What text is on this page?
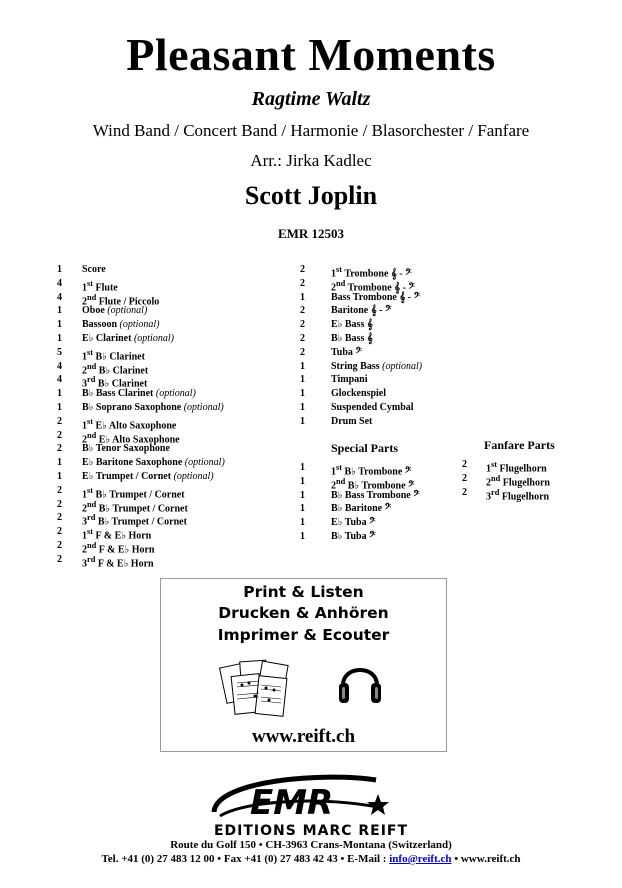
Pleasant Moments
Ragtime Waltz
Wind Band / Concert Band / Harmonie / Blasorchester / Fanfare
Arr.: Jirka Kadlec
Scott Joplin
EMR 12503
1 Score
4 1st Flute
4 2nd Flute / Piccolo
1 Oboe (optional)
1 Bassoon (optional)
1 E♭ Clarinet (optional)
5 1st B♭ Clarinet
4 2nd B♭ Clarinet
4 3rd B♭ Clarinet
1 B♭ Bass Clarinet (optional)
1 B♭ Soprano Saxophone (optional)
2 1st E♭ Alto Saxophone
2 2nd E♭ Alto Saxophone
2 B♭ Tenor Saxophone
1 E♭ Baritone Saxophone (optional)
1 E♭ Trumpet / Cornet (optional)
2 1st B♭ Trumpet / Cornet
2 2nd B♭ Trumpet / Cornet
2 3rd B♭ Trumpet / Cornet
2 1st F & E♭ Horn
2 2nd F & E♭ Horn
2 3rd F & E♭ Horn
2	1st Trombone 𝄞 - 𝄢
2	2nd Trombone 𝄞 - 𝄢
1	Bass Trombone 𝄞 - 𝄢
2	Baritone 𝄞 - 𝄢
2	E♭ Bass 𝄞
2	B♭ Bass 𝄞
2	Tuba 𝄢
1	String Bass (optional)
1	Timpani
1	Glockenspiel
1	Suspended Cymbal
1	Drum Set
Special Parts
1	1st B♭ Trombone 𝄢
1	2nd B♭ Trombone 𝄢
1	B♭ Bass Trombone 𝄢
1	B♭ Baritone 𝄢
1	E♭ Tuba 𝄢
1	B♭ Tuba 𝄢
Fanfare Parts
2 1st Flugelhorn
2 2nd Flugelhorn
2 3rd Flugelhorn
Print & Listen
Drucken & Anhören
Imprimer & Ecouter
www.reift.ch
EMR
EDITIONS MARC REIFT
Route du Golf 150 • CH-3963 Crans-Montana (Switzerland)
Tel. +41 (0) 27 483 12 00 • Fax +41 (0) 27 483 42 43 • E-Mail : info@reift.ch • www.reift.ch
